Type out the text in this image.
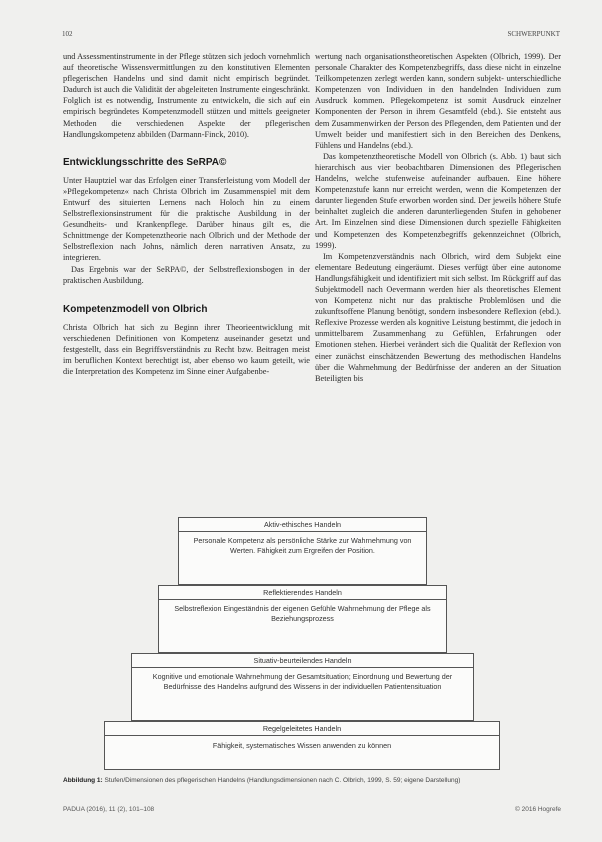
102	SCHWERPUNKT

und Assessmentinstrumente in der Pflege stützen sich jedoch vornehmlich auf theoretische Wissensvermittlungen zu den konstitutiven Elementen pflegerischen Handelns und sind damit nicht empirisch begründet. Dadurch ist auch die Validität der abgeleiteten Instrumente eingeschränkt. Folglich ist es notwendig, Instrumente zu entwickeln, die sich auf ein empirisch begründetes Kompetenzmodell stützen und mittels geeigneter Methoden die verschiedenen Aspekte der pflegerischen Handlungskompetenz abbilden (Darmann-Finck, 2010).

Entwicklungsschritte des SeRPA©

Unter Hauptziel war das Erfolgen einer Transferleistung vom Modell der »Pflegekompetenz« nach Christa Olbrich im Zusammenspiel mit dem Entwurf des situierten Lernens nach Holoch hin zu einem Selbstreflexionsinstrument für die praktische Ausbildung in der Gesundheits- und Krankenpflege. Darüber hinaus gilt es, die Schnittmenge der Kompetenztheorie nach Olbrich und der Methode der Selbstreflexion nach Johns, nämlich deren narrativen Ansatz, zu integrieren.

Das Ergebnis war der SeRPA©, der Selbstreflexionsbogen in der praktischen Ausbildung.

Kompetenzmodell von Olbrich

Christa Olbrich hat sich zu Beginn ihrer Theorieentwicklung mit verschiedenen Definitionen von Kompetenz auseinander gesetzt und festgestellt, dass ein Begriffsverständnis zu Recht bzw. Beitragen meist im beruflichen Kontext berechtigt ist, aber ebenso wo kaum geteilt, wie die Interpretation des Kompetenz im Sinne einer Aufgabenbe-

wertung nach organisationstheoretischen Aspekten (Olbrich, 1999). Der personale Charakter des Kompetenzbegriffs, dass diese nicht in einzelne Teilkompetenzen zerlegt werden kann, sondern subjekt- unterschiedliche Kompetenzen von Individuen in den handelnden Individuen zum Ausdruck kommen. Pflegekompetenz ist somit Ausdruck einzelner Komponenten der Person in ihrem Gesamtfeld (ebd.). Sie entsteht aus dem Zusammenwirken der Person des Pflegenden, dem Patienten und der Umwelt beider und manifestiert sich in den Bereichen des Denkens, Fühlens und Handelns (ebd.).

Das kompetenztheoretische Modell von Olbrich (s. Abb. 1) baut sich hierarchisch aus vier beobachtbaren Dimensionen des Pflegerischen Handelns, welche stufenweise aufeinander aufbauen. Eine höhere Kompetenzstufe kann nur erreicht werden, wenn die Kompetenzen der darunter liegenden Stufe erworben worden sind. Der jeweils höhere Stufe beinhaltet zugleich die anderen darunterliegenden Stufen in gehobener Art. Im Einzelnen sind diese Dimensionen durch spezielle Fähigkeiten und Kompetenzen des Kompetenzbegriffs gekennzeichnet (Olbrich, 1999).

Im Kompetenzverständnis nach Olbrich, wird dem Subjekt eine elementare Bedeutung eingeräumt. Dieses verfügt über eine autonome Handlungsfähigkeit und identifiziert mit sich selbst. Im Rückgriff auf das Subjektmodell nach Oevermann werden hier als theoretisches Element von Kompetenz nicht nur das praktische Problemlösen und die zukunftsoffene Planung benötigt, sondern insbesondere Reflexion (ebd.). Reflexive Prozesse werden als kognitive Leistung bestimmt, die jedoch in unmittelbarem Zusammenhang zu Gefühlen, Erfahrungen oder Emotionen stehen. Hierbei verändert sich die Qualität der Reflexion von einer zunächst einschätzenden Bewertung des methodischen Handelns über die Wahrnehmung der Bedürfnisse der anderen an der Situation Beteiligten bis

Aktiv-ethisches Handeln
Personale Kompetenz als persönliche Stärke zur Wahrnehmung von Werten. Fähigkeit zum Ergreifen der Position.
Reflektierendes Handeln
Selbstreflexion Eingeständnis der eigenen Gefühle Wahrnehmung der Pflege als Beziehungsprozess
Situativ-beurteilendes Handeln
Kognitive und emotionale Wahrnehmung der Gesamtsituation; Einordnung und Bewertung der Bedürfnisse des Handelns aufgrund des Wissens in der individuellen Patientensituation
Regelgeleitetes Handeln
Fähigkeit, systematisches Wissen anwenden zu können
Abbildung 1: Stufen/Dimensionen des pflegerischen Handelns (Handlungsdimensionen nach C. Olbrich, 1999, S. 59; eigene Darstellung)
PADUA (2016), 11 (2), 101–108	© 2016 Hogrefe
